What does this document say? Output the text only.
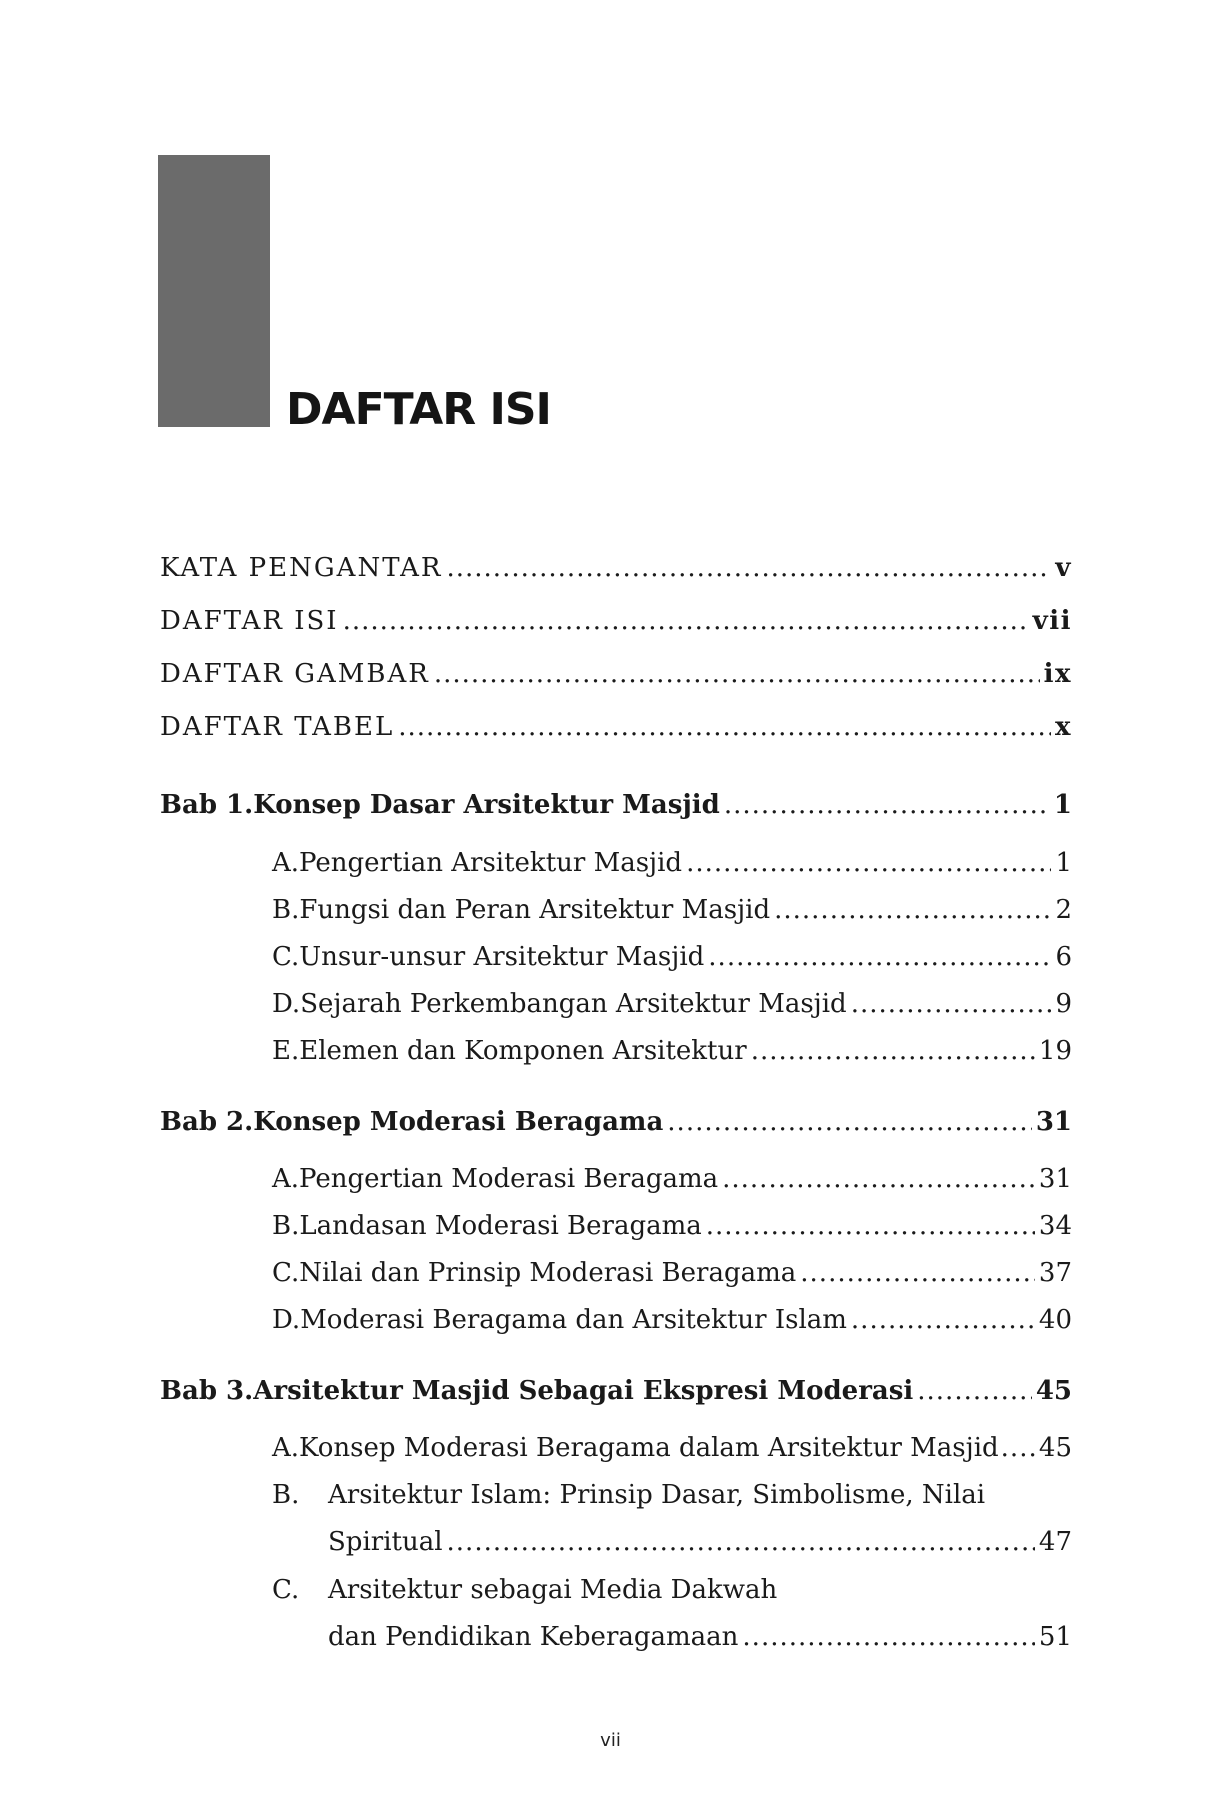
DAFTAR ISI
KATA PENGANTAR .....	v
DAFTAR ISI .....	vii
DAFTAR GAMBAR .....	ix
DAFTAR TABEL .....	x
Bab 1. Konsep Dasar Arsitektur Masjid .....	1
A. Pengertian Arsitektur Masjid .....	1
B. Fungsi dan Peran Arsitektur Masjid .....	2
C. Unsur-unsur Arsitektur Masjid .....	6
D. Sejarah Perkembangan Arsitektur Masjid .....	9
E. Elemen dan Komponen Arsitektur .....	19
Bab 2. Konsep Moderasi Beragama .....	31
A. Pengertian Moderasi Beragama .....	31
B. Landasan Moderasi Beragama .....	34
C. Nilai dan Prinsip Moderasi Beragama .....	37
D. Moderasi Beragama dan Arsitektur Islam .....	40
Bab 3. Arsitektur Masjid Sebagai Ekspresi Moderasi .....	45
A. Konsep Moderasi Beragama dalam Arsitektur Masjid ..... 45
B. Arsitektur Islam: Prinsip Dasar, Simbolisme, Nilai
Spiritual .....	47
C. Arsitektur sebagai Media Dakwah
dan Pendidikan Keberagamaan .....	51
vii
